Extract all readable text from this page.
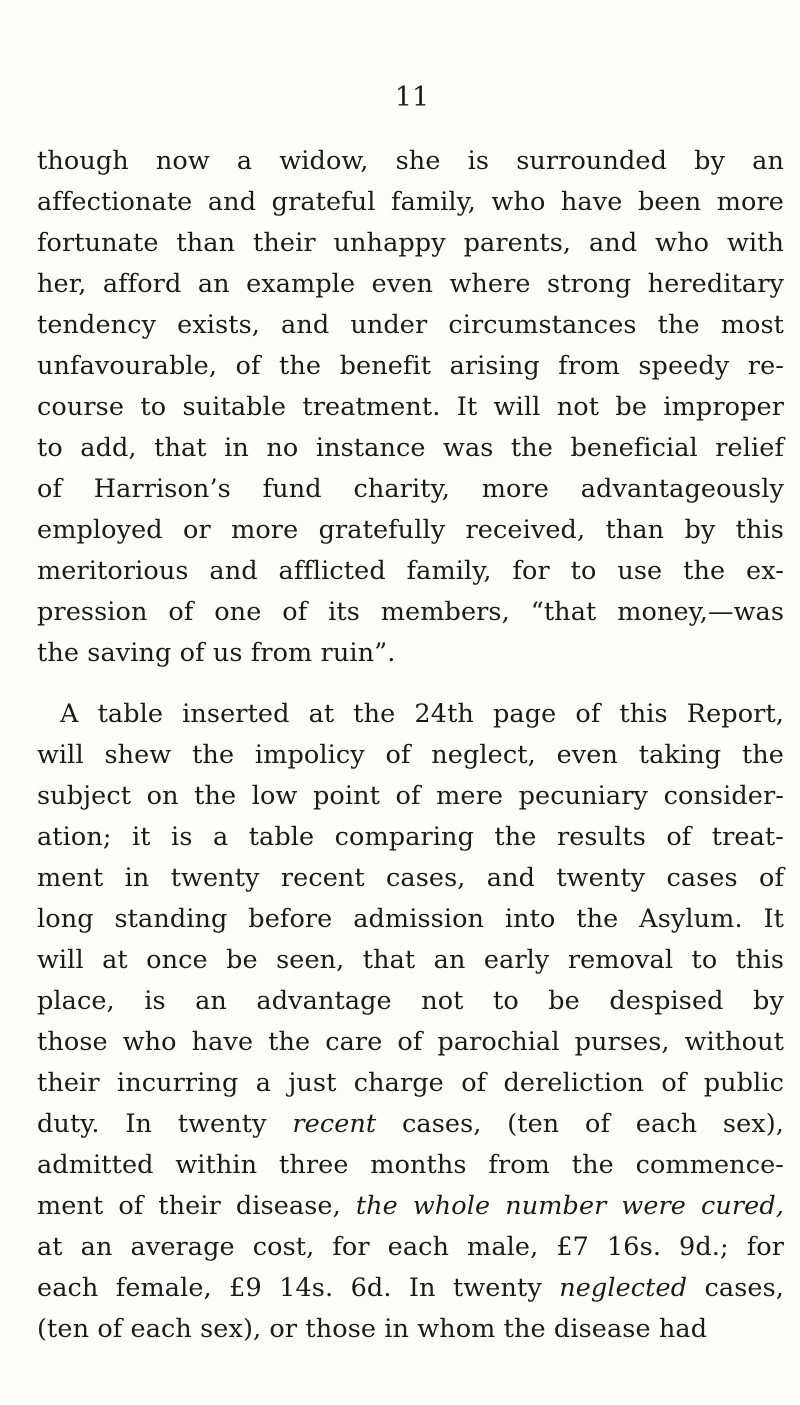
11
though now a widow, she is surrounded by an
affectionate and grateful family, who have been more
fortunate than their unhappy parents, and who with
her, afford an example even where strong hereditary
tendency exists, and under circumstances the most
unfavourable, of the benefit arising from speedy re-
course to suitable treatment. It will not be improper
to add, that in no instance was the beneficial relief
of Harrison’s fund charity, more advantageously
employed or more gratefully received, than by this
meritorious and afflicted family, for to use the ex-
pression of one of its members, “that money,—was
the saving of us from ruin”.
A table inserted at the 24th page of this Report,
will shew the impolicy of neglect, even taking the
subject on the low point of mere pecuniary consider-
ation; it is a table comparing the results of treat-
ment in twenty recent cases, and twenty cases of
long standing before admission into the Asylum. It
will at once be seen, that an early removal to this
place, is an advantage not to be despised by
those who have the care of parochial purses, without
their incurring a just charge of dereliction of public
duty. In twenty recent cases, (ten of each sex),
admitted within three months from the commence-
ment of their disease, the whole number were cured,
at an average cost, for each male, £7 16s. 9d.; for
each female, £9 14s. 6d. In twenty neglected cases,
(ten of each sex), or those in whom the disease had
